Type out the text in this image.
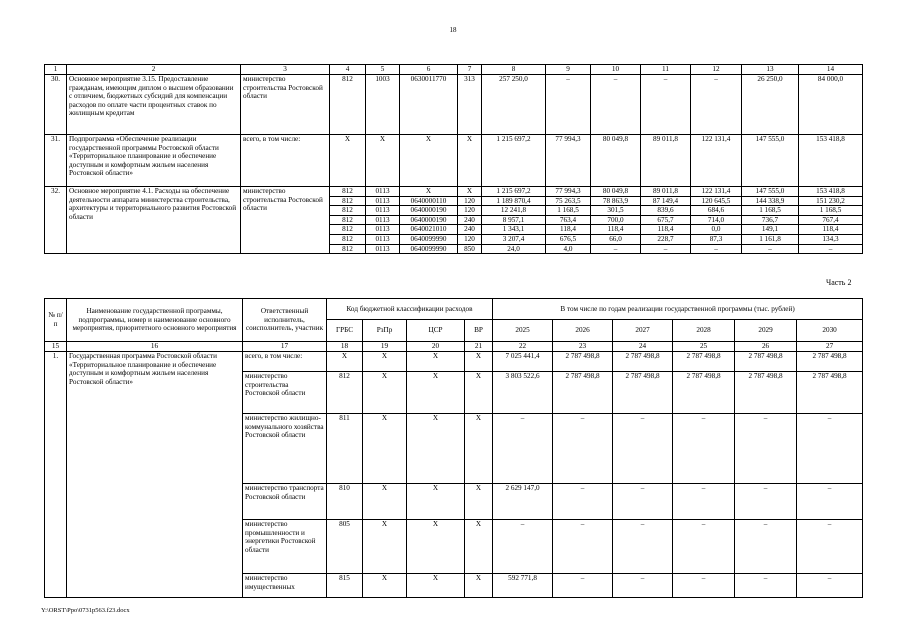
18
1	2	3	4	5	6	7	8	9	10	11	12	13	14
30.	Основное мероприятие 3.15. Предоставление гражданам, имеющим диплом о высшем образовании с отличием, бюджетных субсидий для компенсации расходов по оплате части процентных ставок по жилищным кредитам	министерство строительства Ростовской области	812	1003	0630011770	313	257 250,0	–	–	–	–	26 250,0	84 000,0
31.	Подпрограмма «Обеспечение реализации государственной программы Ростовской области «Территориальное планирование и обеспечение доступным и комфортным жильем населения Ростовской области»	всего, в том числе:	Х	Х	Х	Х	1 215 697,2	77 994,3	80 049,8	89 011,8	122 131,4	147 555,0	153 418,8
32.	Основное мероприятие 4.1. Расходы на обеспечение деятельности аппарата министерства строительства, архитектуры и территориального развития Ростовской области	министерство строительства Ростовской области	812	0113	Х	Х	1 215 697,2	77 994,3	80 049,8	89 011,8	122 131,4	147 555,0	153 418,8
			812	0113	0640000110	120	1 189 870,4	75 263,5	78 863,9	87 149,4	120 645,5	144 338,9	151 230,2
			812	0113	0640000190	120	12 241,8	1 168,5	301,5	839,6	684,6	1 168,5	1 168,5
			812	0113	0640000190	240	8 957,1	763,4	700,0	675,7	714,0	736,7	767,4
			812	0113	0640021010	240	1 343,1	118,4	118,4	118,4	0,0	149,1	118,4
			812	0113	0640099990	120	3 207,4	676,5	66,0	228,7	87,3	1 161,8	134,3
			812	0113	0640099990	850	24,0	4,0	–	–	–	–	–
Часть 2
№ п/п	Наименование государственной программы, подпрограммы, номер и наименование основного мероприятия, приоритетного основного мероприятия	Ответственный исполнитель, соисполнитель, участник	Код бюджетной классификации расходов				В том числе по годам реализации государственной программы (тыс. рублей)					
			ГРБС	РзПр	ЦСР	ВР	2025	2026	2027	2028	2029	2030
15	16	17	18	19	20	21	22	23	24	25	26	27
1.	Государственная программа Ростовской области «Территориальное планирование и обеспечение доступным и комфортным жильем населения Ростовской области»	всего, в том числе:	Х	Х	Х	Х	7 025 441,4	2 787 498,8	2 787 498,8	2 787 498,8	2 787 498,8	2 787 498,8
		министерство строительства Ростовской области	812	Х	Х	Х	3 803 522,6	2 787 498,8	2 787 498,8	2 787 498,8	2 787 498,8	2 787 498,8
		министерство жилищно-коммунального хозяйства Ростовской области	811	Х	Х	Х	–	–	–	–	–	–
		министерство транспорта Ростовской области	810	Х	Х	Х	2 629 147,0	–	–	–	–	–
		министерство промышленности и энергетики Ростовской области	805	Х	Х	Х	–	–	–	–	–	–
		министерство имущественных	815	Х	Х	Х	592 771,8	–	–	–	–	–
Y:\ORST\Ppo\0731p563.f23.docx
